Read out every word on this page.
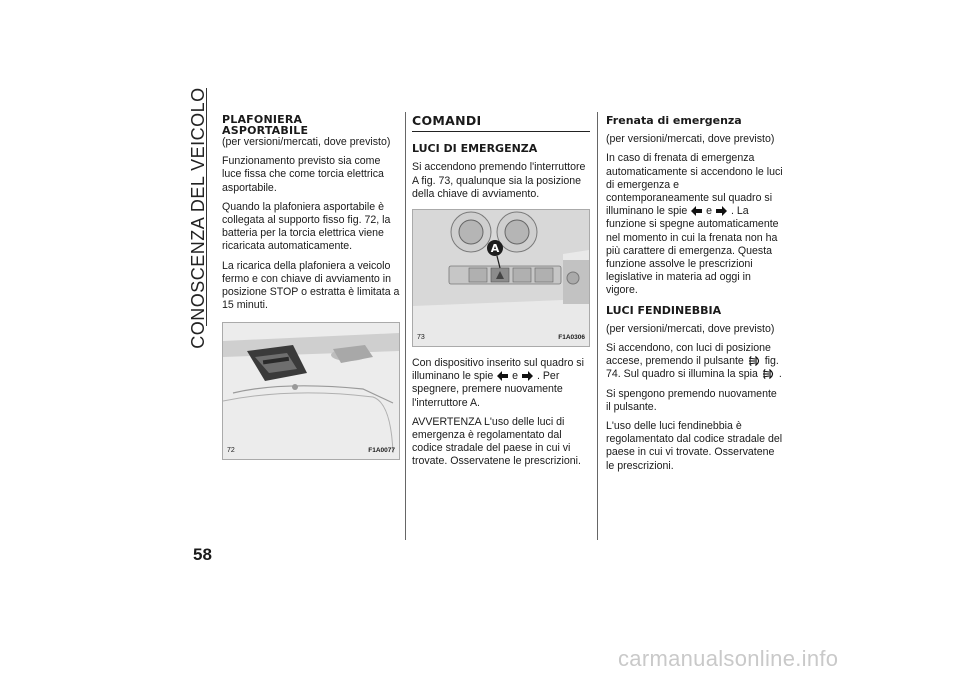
CONOSCENZA DEL VEICOLO
58
PLAFONIERA
ASPORTABILE

(per versioni/mercati, dove previsto)

Funzionamento previsto sia come luce fissa che come torcia elettrica asportabile.

Quando la plafoniera asportabile è collegata al supporto fisso fig. 72, la batteria per la torcia elettrica viene ricaricata automaticamente.

La ricarica della plafoniera a veicolo fermo e con chiave di avviamento in posizione STOP o estratta è limitata a 15 minuti.

72	F1A0077
COMANDI

LUCI DI EMERGENZA

Si accendono premendo l'interruttore A fig. 73, qualunque sia la posizione della chiave di avviamento.

A
73	F1A0306

Con dispositivo inserito sul quadro si illuminano le spie e . Per spegnere, premere nuovamente l'interruttore A.

AVVERTENZA L'uso delle luci di emergenza è regolamentato dal codice stradale del paese in cui vi trovate. Osservatene le prescrizioni.

Frenata di emergenza

(per versioni/mercati, dove previsto)

In caso di frenata di emergenza automaticamente si accendono le luci di emergenza e contemporaneamente sul quadro si illuminano le spie e . La funzione si spegne automaticamente nel momento in cui la frenata non ha più carattere di emergenza. Questa funzione assolve le prescrizioni legislative in materia ad oggi in vigore.

LUCI FENDINEBBIA

(per versioni/mercati, dove previsto)

Si accendono, con luci di posizione accese, premendo il pulsante fig. 74. Sul quadro si illumina la spia .

Si spengono premendo nuovamente il pulsante.

L'uso delle luci fendinebbia è regolamentato dal codice stradale del paese in cui vi trovate. Osservatene le prescrizioni.

carmanualsonline.info
